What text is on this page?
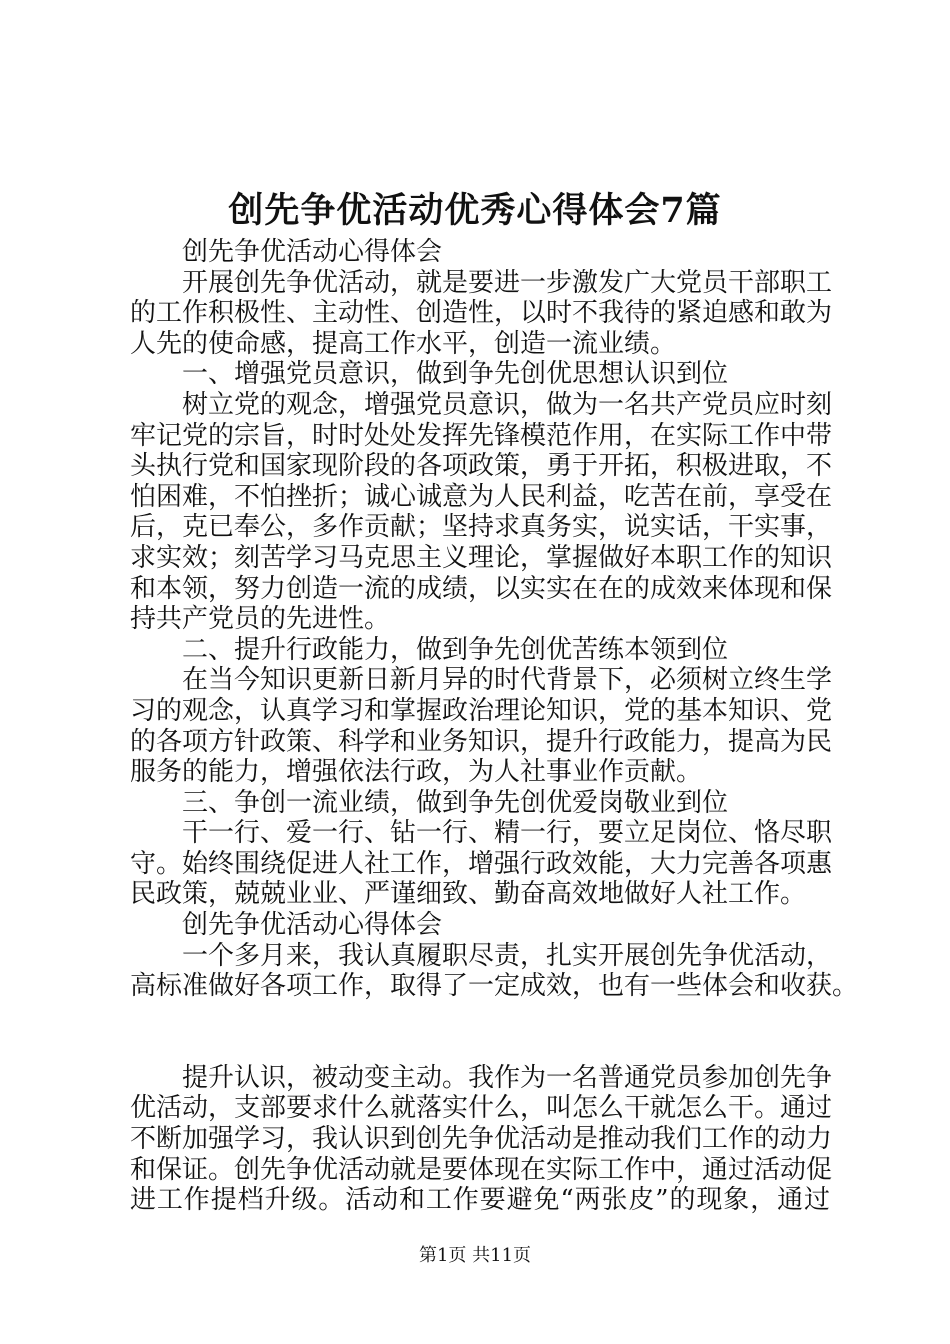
创先争优活动优秀心得体会7篇
创先争优活动心得体会
开展创先争优活动，就是要进一步激发广大党员干部职工
的工作积极性、主动性、创造性，以时不我待的紧迫感和敢为
人先的使命感，提高工作水平，创造一流业绩。
一、增强党员意识，做到争先创优思想认识到位
树立党的观念，增强党员意识，做为一名共产党员应时刻
牢记党的宗旨，时时处处发挥先锋模范作用，在实际工作中带
头执行党和国家现阶段的各项政策，勇于开拓，积极进取，不
怕困难，不怕挫折；诚心诚意为人民利益，吃苦在前，享受在
后，克已奉公，多作贡献；坚持求真务实，说实话，干实事，
求实效；刻苦学习马克思主义理论，掌握做好本职工作的知识
和本领，努力创造一流的成绩，以实实在在的成效来体现和保
持共产党员的先进性。
二、提升行政能力，做到争先创优苦练本领到位
在当今知识更新日新月异的时代背景下，必须树立终生学
习的观念，认真学习和掌握政治理论知识，党的基本知识、党
的各项方针政策、科学和业务知识，提升行政能力，提高为民
服务的能力，增强依法行政，为人社事业作贡献。
三、争创一流业绩，做到争先创优爱岗敬业到位
干一行、爱一行、钻一行、精一行，要立足岗位、恪尽职
守。始终围绕促进人社工作，增强行政效能，大力完善各项惠
民政策，兢兢业业、严谨细致、勤奋高效地做好人社工作。
创先争优活动心得体会
一个多月来，我认真履职尽责，扎实开展创先争优活动，
高标准做好各项工作，取得了一定成效，也有一些体会和收获。
提升认识，被动变主动。我作为一名普通党员参加创先争
优活动，支部要求什么就落实什么，叫怎么干就怎么干。通过
不断加强学习，我认识到创先争优活动是推动我们工作的动力
和保证。创先争优活动就是要体现在实际工作中，通过活动促
进工作提档升级。活动和工作要避免“两张皮”的现象，通过
第1页 共11页
